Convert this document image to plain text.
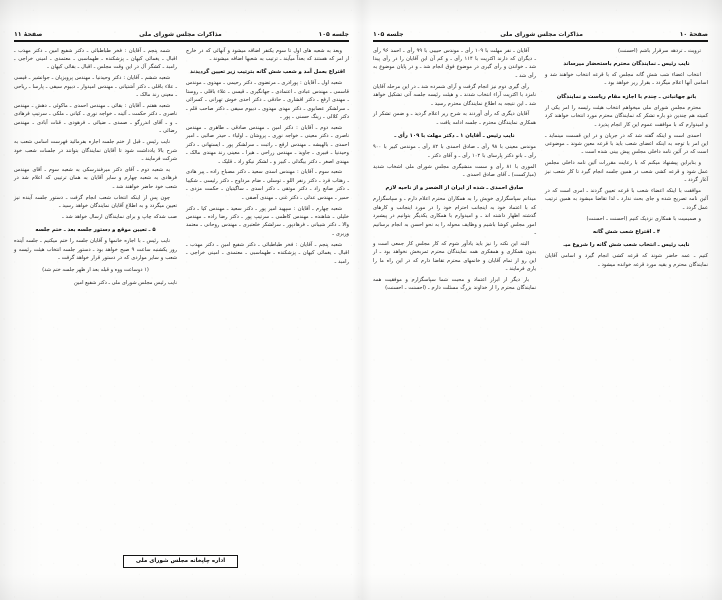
صفحهٔ ۱۰
مذاکرات مجلس شورای ملی
جلسه ۱۰۵

ترویث ـ تردهه سرقرار باشم (احسنت)

نایب رئیس ـ نمایندگان محترم باستحضار میرساند

انتخاب اعضاء شب شش گانه مجلس که با قرعه انتخاب خواهند شد و اسامی آنها اعلام میگردد ـ بقرار زیر خواهد بود ـ

بانو جهانبانی ـ چندم با اجازه مقام ریاست و نمایندگان

محترم مجلس شورای ملی میخواهم انتخاب هیئت رئیسه را امر یکی از کمیته هم چندین دو باره تشکر که نمایندگان محترم مورد انتخاب خواهند کرد و امیدوارم که با موافقت عموم این کار انجام پذیرد ـ

احمدی است و اینکه گفته شد که در جریان و در این قسمت مینماید ـ این امر با توجه به اینکه اعضای شعب باید با قرعه معین شوند ـ موضوعی است که در آئین نامه داخلی مجلس پیش بینی شده است ـ

و بنابراین پیشنهاد میکنم که با رعایت مقررات آئین نامه داخلی مجلس عمل شود و قرعه کشی شعب در همین جلسه انجام گیرد تا کار شعب نیز آغاز گردد ـ

موافقت با اینکه اعضاء شعب با قرعه تعیین گردند ـ امری است که در آئین نامه تصریح شده و جای بحث ندارد ـ لذا تقاضا میشود به همین ترتیب عمل گردد ـ

و صمیمیت با همکاری نزدیک کنیم (احسنت ـ احسنت)

۴ ـ اقتراع شعب شش گانه

نایب رئیس ـ انتخاب شعب شش گانه را شروع میـ

کنیم ـ عمه حاضر شوند که قرعه کشی انجام گیرد و اسامی آقایان نمایندگان محترم و بقیه مورد قرعه خوانده میشود ـ

آقایان ـ نفر مهلت با ۱۰۹ رأی ـ موندس حبیبی با ۹۹ رأی ـ احمد ۹۶ رأی ـ دیگران که دارند اکثریت با ۱۱۴ رأی ـ و کم آن این آقایان را در رأی پیدا شد ـ خواندن و رأی گیری در موضوع فوق انجام شد ـ و در پایان موضوع به رأی شد ـ

رأی گیری دوم نیز انجام گرفت و آرای شمرده شد ـ در این مرحله آقایان نامزد با اکثریت آراء انتخاب شدند ـ و هیئت رئیسه جلسه آتی تشکیل خواهد شد ـ این نتیجه به اطلاع نمایندگان محترم رسید ـ

آقایان دیگری که رأی آوردند به شرح زیر اعلام گردید ـ و ضمن تشکر از همکاری نمایندگان محترم ـ جلسه ادامه یافت ـ

نایب رئیس ـ آقایان ۱ ـ دکتر مهلت با ۱۰۹ رأی ـ

موندس معینی با ۹۸ رأی ـ صادق احمدی با ۸۲ رأی ـ موندس کبیر با ۹۰۰ رأی ـ بانو دکتر پارسای با ۱۰۲ رأی ـ و آقای دکتر ـ

الموزی با ۸۱ رأی و سمت منشیگری مجلس شورای ملی اشخاب شدید (مبارکست) ـ آقای صادق احمدی ـ

صادق احمدی ـ شده از ایران از الضصر و از ناحیه لازم

میدانم سپاسگزاری خویش را به همکاران محترم اعلام دارم ـ و سپاسگزارم که با اعتماد خود به اینجانب احترام خود را در مورد اینجانب و کارهای گذشته اظهار داشته اند ـ و امیدوارم با همکاری یکدیگر بتوانیم در پیشبرد امور مجلس کوشا باشیم و وظایف محوله را به نحو احسن به انجام برسانیم ـ

البته این نکته را نیز باید یادآور شوم که کار مجلس کار جمعی است و بدون همکاری و همفکری همه نمایندگان محترم ثمربخش نخواهد بود ـ از این رو از تمام آقایان و خانمهای محترم تقاضا دارم که در این راه ما را یاری فرمایند ـ

بار دیگر از ابراز اعتماد و محبت شما سپاسگزارم و موفقیت همه نمایندگان محترم را از خداوند بزرگ مسئلت دارم ـ (احسنت ـ احسنت)

جلسه ۱۰۵
مذاکرات مجلس شورای ملی
صفحهٔ ۱۱

وبعد به شعبه های اول تا سوم یکنفر اضافه میشود و آنهائی که در خارج از امر که هستند که بعداً میآیند ـ ترتیب به شعبها اضافه میشوند ـ

اقتراع بعمل آمد و شعب شش گانه بترتیب زیر تعیین گردیدند

شعبه اول ـ آقایان : پورادری ـ مرتضوی ـ دکتر رحیمی ـ مهدوی ـ موندس قاسمی ـ مهندس عبادی ـ اعتمادی ـ جهانگیری ـ قیسی ـ علاء باقلی ـ روستا ـ مهندی ارفع ـ دکتر افشاری ـ حاذقی ـ دکتر احدی خوش تهرانی ـ کسرائی ـ سرلشکر عصابوی ـ دکتر مهدی مهدوی ـ دبیوم سیفی ـ دکتر صاحب قلم ـ دکتر کلالی ـ زینگ حسنی ـ پور ـ

شعبه دوم ـ آقایان : دکتر امین ـ مهندس صادقی ـ طاهری ـ مهندس ناصری ـ دکتر معینی ـ خواجه نوری ـ پروشان ـ اولیاء ـ حیدر صائبی ـ امیر احمدی ـ بالهیشه ـ مهندس ارفع ـ راثبت ـ سرلشکر پور ـ ایستهانی ـ دکتر وحیدنیا ـ فبیری ـ جاوید ـ مهندس زراحی ـ هیرا ـ معینی زند مهندی مالک ـ مهندی اصغر ـ دکتر بیگدلی ـ کبیر و ـ لشکر نیکو زاد ـ قلیک ـ

شعبه سوم ـ آقایان : مهندس اسدی سعید ـ دکتر مصباح زاده ـ پیر هادی ـ زهتاب فرد ـ دکتر زنفر اللو ـ توسلی ـ ضام مرداوج ـ دکتر رئیسی ـ شکیبا ـ دکتر صانع زاد ـ دکتر موثقی ـ دکتر اسدی ـ ساگیتیان ـ حکمت مزدی ـ حمیر ـ مهندس عدلی ـ دکتر غنی ـ مهندی آصفی ـ

شعبه چهارم ـ آقایان : سپهبد امیر پور ـ دکتر سعید ـ مهندس کیا ـ دکتر خلیلی ـ شاهنده ـ مهندس کاظمی ـ سرتیپ پور ـ دکتر رضا زاده ـ مهندس والا ـ دکتر شیبانی ـ فرهادپور ـ سرلشکر خلعتبری ـ مهندس روحانی ـ معتمد وزیری ـ

شعبه پنجم ـ آقایان : فخر طباطبائی ـ دکتر شفیع امین ـ دکتر مهذب ـ اقبال ـ یغمائی کیهان ـ پزشکنده ـ طهماسبی ـ معتمدی ـ امینی خراجی ـ رامبد ـ

شمه پنجم ـ آقایان : فخر طباطبائی ـ دکتر شفیع امین ـ دکتر مهذب ـ اقبال ـ یغمائی کیهان ـ پزشکنده ـ طهماسبی ـ معتمدی ـ امینی خراجی ـ رامبد ـ کشگر آل در این وقت مجلس ـ اقبال ـ بقائی کیهان ـ

شعبه ششم ـ آقایان : دکتر وحیدنیا ـ مهندس پرویزیان ـ جوانشیر ـ قیسی ـ علاء باقلی ـ دکتر آشتیانی ـ مهندس امیدوار ـ دبیوم سیفی ـ پارسا ـ ریاحی ـ معینی زند مالک ـ

شعبه هفتم ـ آقایان : بقائی ـ مهندس احمدی ـ ماکوئی ـ دهش ـ مهندس ناصری ـ دکتر حکمت ـ آئینه ـ خواجه نوری ـ کیانی ـ ملکی ـ سرتیپ فرهادی ـ و ـ آقای اندرزگو ـ صمدی ـ ضیائی ـ فرهودی ـ قنات آبادی ـ مهندس رضائی ـ

نایب رئیس ـ قبل از ختم جلسه اجازه بفرمائید فهرست اسامی شعب به شرح بالا یادداشت شود تا آقایان نمایندگان بتوانند در جلسات شعب خود شرکت فرمایند ـ

به شعبه دوم ـ آقای دکتر میرفندرسکی به شعبه سوم ـ آقای مهندس فرهادی به شعبه چهارم و سایر آقایان به همان ترتیبی که اعلام شد در شعب خود حاضر خواهند شد ـ

چون پس از اینکه انتخاب شعب انجام گرفت ـ دستور جلسه آینده نیز تعیین میگردد و به اطلاع آقایان نمایندگان خواهد رسید ـ

صب شدکه چاپ و برای نمایندگان ارسال خواهد شد ـ

۵ ـ تعیین موقع و دستور جلسه بعد ـ ختم جلسه

نایب رئیس ـ با اجازه خانمها و آقایان جلسه را ختم میکنیم ـ جلسه آینده روز یکشنبه ساعت ۹ صبح خواهد بود ـ دستور جلسه انتخاب هیئت رئیسه و شعب و سایر مواردی که در دستور قرار خواهد گرفت ـ

(۱ دوساعت ووه و قبله بعد از ظهر جلسه ختم شد)

نایب رئیس مجلس شورای ملی ـ دکتر شفیع امین

اداره چاپخانه مجلس شورای ملی
